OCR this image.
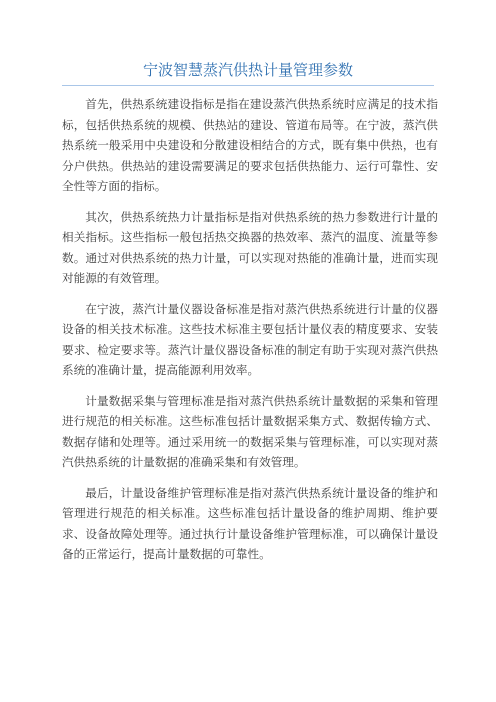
宁波智慧蒸汽供热计量管理参数

首先，供热系统建设指标是指在建设蒸汽供热系统时应满足的技术指标，包括供热系统的规模、供热站的建设、管道布局等。在宁波，蒸汽供热系统一般采用中央建设和分散建设相结合的方式，既有集中供热，也有分户供热。供热站的建设需要满足的要求包括供热能力、运行可靠性、安全性等方面的指标。

其次，供热系统热力计量指标是指对供热系统的热力参数进行计量的相关指标。这些指标一般包括热交换器的热效率、蒸汽的温度、流量等参数。通过对供热系统的热力计量，可以实现对热能的准确计量，进而实现对能源的有效管理。

在宁波，蒸汽计量仪器设备标准是指对蒸汽供热系统进行计量的仪器设备的相关技术标准。这些技术标准主要包括计量仪表的精度要求、安装要求、检定要求等。蒸汽计量仪器设备标准的制定有助于实现对蒸汽供热系统的准确计量，提高能源利用效率。

计量数据采集与管理标准是指对蒸汽供热系统计量数据的采集和管理进行规范的相关标准。这些标准包括计量数据采集方式、数据传输方式、数据存储和处理等。通过采用统一的数据采集与管理标准，可以实现对蒸汽供热系统的计量数据的准确采集和有效管理。

最后，计量设备维护管理标准是指对蒸汽供热系统计量设备的维护和管理进行规范的相关标准。这些标准包括计量设备的维护周期、维护要求、设备故障处理等。通过执行计量设备维护管理标准，可以确保计量设备的正常运行，提高计量数据的可靠性。
